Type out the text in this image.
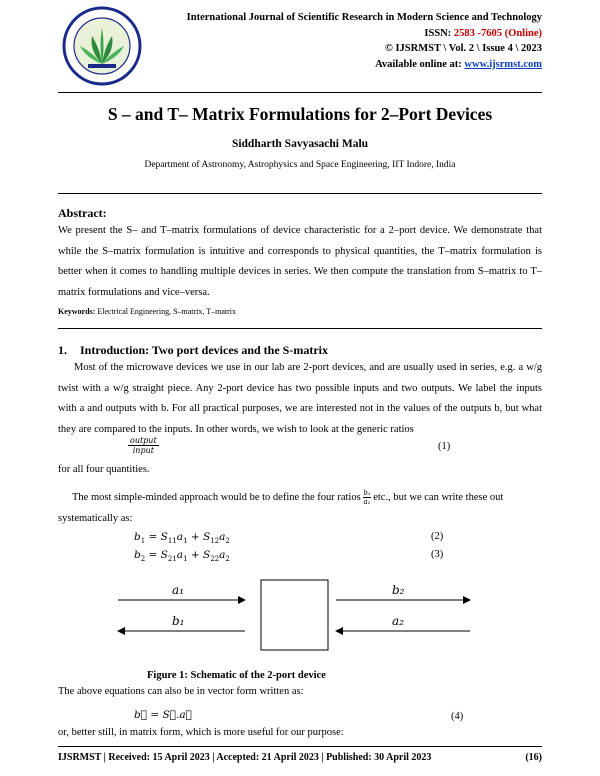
International Journal of Scientific Research in Modern Science and Technology
ISSN: 2583 -7605 (Online)
© IJSRMST \ Vol. 2 \ Issue 4 \ 2023
Available online at: www.ijsrmst.com
S – and T– Matrix Formulations for 2–Port Devices
Siddharth Savyasachi Malu
Department of Astronomy, Astrophysics and Space Engineering, IIT Indore, India
Abstract:

We present the S– and T–matrix formulations of device characteristic for a 2–port device. We demonstrate that while the S–matrix formulation is intuitive and corresponds to physical quantities, the T–matrix formulation is better when it comes to handling multiple devices in series. We then compute the translation from S–matrix to T–matrix formulations and vice–versa.

Keywords: Electrical Engineering, S–matrix, T–matrix
1. Introduction: Two port devices and the S-matrix

Most of the microwave devices we use in our lab are 2-port devices, and are usually used in series, e.g. a w/g twist with a w/g straight piece. Any 2-port device has two possible inputs and two outputs. We label the inputs with a and outputs with b. For all practical purposes, we are interested not in the values of the outputs b, but what they are compared to the inputs. In other words, we wish to look at the generic ratios

output
input	(1)
for all four quantities.
The most simple-minded approach would be to define the four ratios $\frac{\text{b₁}}{\text{a₁}}$ etc., but we can write these out
systematically as:
$b_1 = S_{11}a_1 + S_{12}a_2$	(2)
$b_2 = S_{21}a_1 + S_{22}a_2$	(3)
a₁
b₁
b₂
a₂
Figure 1: Schematic of the 2-port device
The above equations can also be in vector form written as:
b⃗ = S⃗.a⃗	(4)
or, better still, in matrix form, which is more useful for our purpose:
IJSRMST | Received: 15 April 2023 | Accepted: 21 April 2023 | Published: 30 April 2023	(16)
